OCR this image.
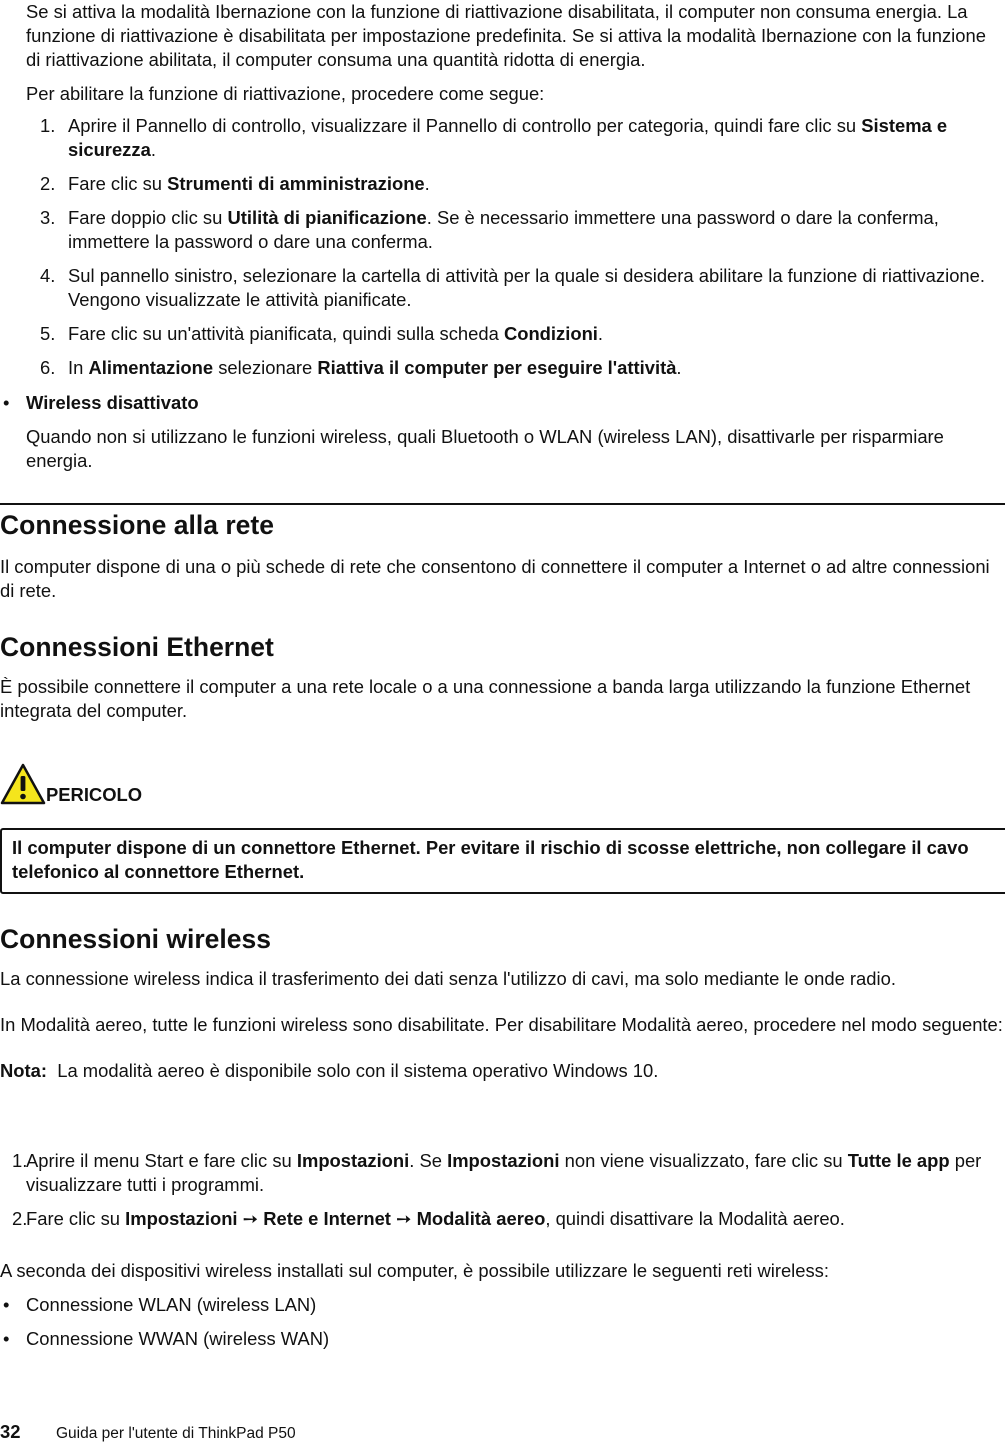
Se si attiva la modalità Ibernazione con la funzione di riattivazione disabilitata, il computer non consuma energia. La funzione di riattivazione è disabilitata per impostazione predefinita. Se si attiva la modalità Ibernazione con la funzione di riattivazione abilitata, il computer consuma una quantità ridotta di energia.

Per abilitare la funzione di riattivazione, procedere come segue:

1. Aprire il Pannello di controllo, visualizzare il Pannello di controllo per categoria, quindi fare clic su Sistema e sicurezza.
2. Fare clic su Strumenti di amministrazione.
3. Fare doppio clic su Utilità di pianificazione. Se è necessario immettere una password o dare la conferma, immettere la password o dare una conferma.
4. Sul pannello sinistro, selezionare la cartella di attività per la quale si desidera abilitare la funzione di riattivazione. Vengono visualizzate le attività pianificate.
5. Fare clic su un'attività pianificata, quindi sulla scheda Condizioni.
6. In Alimentazione selezionare Riattiva il computer per eseguire l'attività.
• Wireless disattivato

Quando non si utilizzano le funzioni wireless, quali Bluetooth o WLAN (wireless LAN), disattivarle per risparmiare energia.

Connessione alla rete

Il computer dispone di una o più schede di rete che consentono di connettere il computer a Internet o ad altre connessioni di rete.

Connessioni Ethernet

È possibile connettere il computer a una rete locale o a una connessione a banda larga utilizzando la funzione Ethernet integrata del computer.

PERICOLO
Il computer dispone di un connettore Ethernet. Per evitare il rischio di scosse elettriche, non collegare il cavo telefonico al connettore Ethernet.
Connessioni wireless

La connessione wireless indica il trasferimento dei dati senza l'utilizzo di cavi, ma solo mediante le onde radio.

In Modalità aereo, tutte le funzioni wireless sono disabilitate. Per disabilitare Modalità aereo, procedere nel modo seguente:

Nota: La modalità aereo è disponibile solo con il sistema operativo Windows 10.

1.
Aprire il menu Start e fare clic su Impostazioni. Se Impostazioni non viene visualizzato, fare clic su Tutte le app per visualizzare tutti i programmi.
2.
Fare clic su Impostazioni ➙ Rete e Internet ➙ Modalità aereo, quindi disattivare la Modalità aereo.

A seconda dei dispositivi wireless installati sul computer, è possibile utilizzare le seguenti reti wireless:

• Connessione WLAN (wireless LAN)
• Connessione WWAN (wireless WAN)
32	Guida per l'utente di ThinkPad P50
